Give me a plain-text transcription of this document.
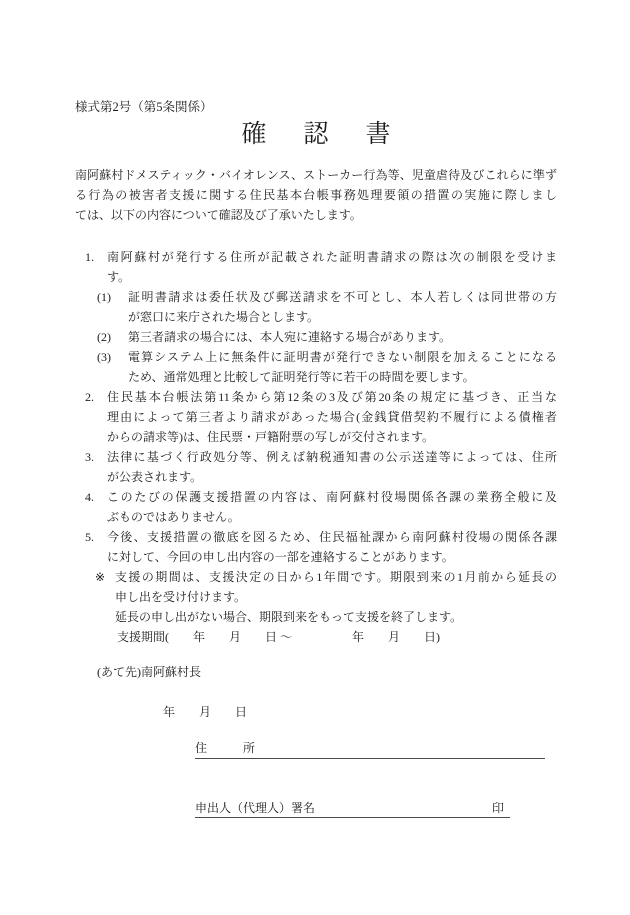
様式第2号（第5条関係）
確　認　書
南阿蘇村ドメスティック・バイオレンス、ストーカー行為等、児童虐待及びこれらに準ず
る行為の被害者支援に関する住民基本台帳事務処理要領の措置の実施に際しまし
ては、以下の内容について確認及び了承いたします。
1.	南阿蘇村が発行する住所が記載された証明書請求の際は次の制限を受けま
す。
(1)	証明書請求は委任状及び郵送請求を不可とし、本人若しくは同世帯の方
が窓口に来庁された場合とします。
(2)	第三者請求の場合には、本人宛に連絡する場合があります。
(3)	電算システム上に無条件に証明書が発行できない制限を加えることになる
ため、通常処理と比較して証明発行等に若干の時間を要します。
2.	住民基本台帳法第11条から第12条の3及び第20条の規定に基づき、正当な
理由によって第三者より請求があった場合(金銭貸借契約不履行による債権者
からの請求等)は、住民票・戸籍附票の写しが交付されます。
3.	法律に基づく行政処分等、例えば納税通知書の公示送達等によっては、住所
が公表されます。
4.	このたびの保護支援措置の内容は、南阿蘇村役場関係各課の業務全般に及
ぶものではありません。
5.	今後、支援措置の徹底を図るため、住民福祉課から南阿蘇村役場の関係各課
に対して、今回の申し出内容の一部を連絡することがあります。
※ 支援の期間は、支援決定の日から1年間です。期限到来の1月前から延長の
申し出を受け付けます。
延長の申し出がない場合、期限到来をもって支援を終了します。
支援期間(　　年　　月　　日 ～　　　　　年　　月　　日)
(あて先)南阿蘇村長
年　　月　　日
住　　　所
申出人（代理人）署名	印
